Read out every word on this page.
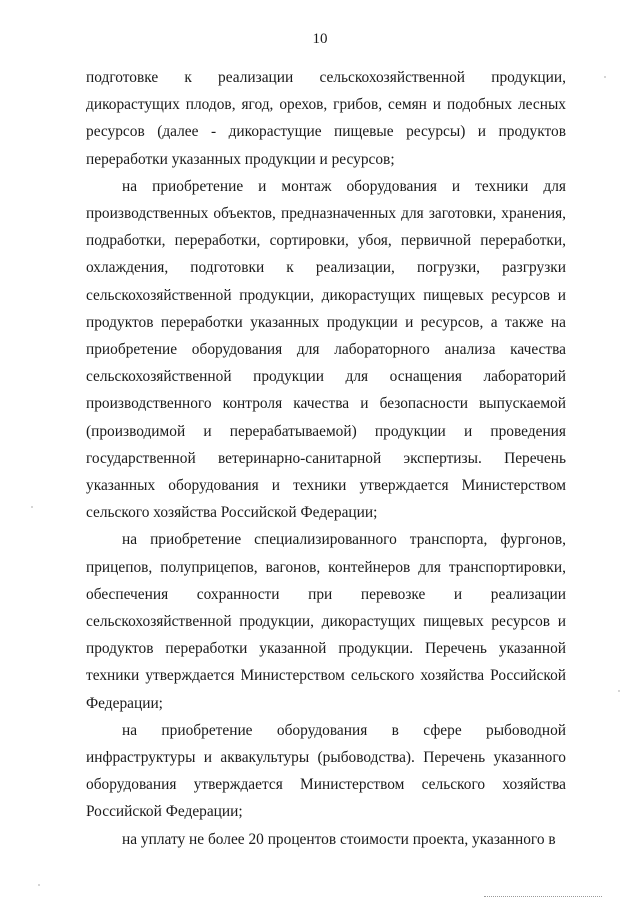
10

подготовке к реализации сельскохозяйственной продукции, дикорастущих плодов, ягод, орехов, грибов, семян и подобных лесных ресурсов (далее - дикорастущие пищевые ресурсы) и продуктов переработки указанных продукции и ресурсов;

на приобретение и монтаж оборудования и техники для производственных объектов, предназначенных для заготовки, хранения, подработки, переработки, сортировки, убоя, первичной переработки, охлаждения, подготовки к реализации, погрузки, разгрузки сельскохозяйственной продукции, дикорастущих пищевых ресурсов и продуктов переработки указанных продукции и ресурсов, а также на приобретение оборудования для лабораторного анализа качества сельскохозяйственной продукции для оснащения лабораторий производственного контроля качества и безопасности выпускаемой (производимой и перерабатываемой) продукции и проведения государственной ветеринарно-санитарной экспертизы. Перечень указанных оборудования и техники утверждается Министерством сельского хозяйства Российской Федерации;

на приобретение специализированного транспорта, фургонов, прицепов, полуприцепов, вагонов, контейнеров для транспортировки, обеспечения сохранности при перевозке и реализации сельскохозяйственной продукции, дикорастущих пищевых ресурсов и продуктов переработки указанной продукции. Перечень указанной техники утверждается Министерством сельского хозяйства Российской Федерации;

на приобретение оборудования в сфере рыбоводной инфраструктуры и аквакультуры (рыбоводства). Перечень указанного оборудования утверждается Министерством сельского хозяйства Российской Федерации;

на уплату не более 20 процентов стоимости проекта, указанного в
